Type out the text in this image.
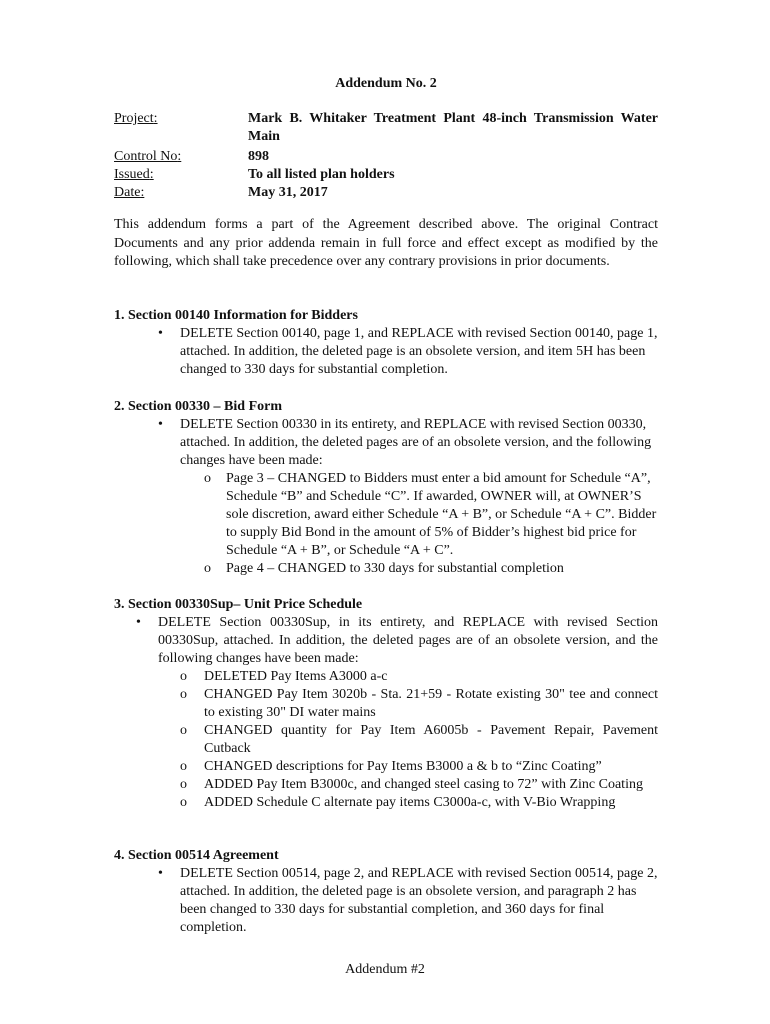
Addendum No. 2
Project:	Mark B. Whitaker Treatment Plant 48-inch Transmission Water Main
Control No:	898
Issued:	To all listed plan holders
Date:	May 31, 2017
This addendum forms a part of the Agreement described above. The original Contract Documents and any prior addenda remain in full force and effect except as modified by the following, which shall take precedence over any contrary provisions in prior documents.
1. Section 00140 Information for Bidders
• DELETE Section 00140, page 1, and REPLACE with revised Section 00140, page 1, attached. In addition, the deleted page is an obsolete version, and item 5H has been changed to 330 days for substantial completion.
2. Section 00330 – Bid Form
• DELETE Section 00330 in its entirety, and REPLACE with revised Section 00330, attached. In addition, the deleted pages are of an obsolete version, and the following changes have been made:
o Page 3 – CHANGED to Bidders must enter a bid amount for Schedule “A”, Schedule “B” and Schedule “C”. If awarded, OWNER will, at OWNER’S sole discretion, award either Schedule “A + B”, or Schedule “A + C”. Bidder to supply Bid Bond in the amount of 5% of Bidder’s highest bid price for Schedule “A + B”, or Schedule “A + C”.
o Page 4 – CHANGED to 330 days for substantial completion
3. Section 00330Sup– Unit Price Schedule
• DELETE Section 00330Sup, in its entirety, and REPLACE with revised Section 00330Sup, attached. In addition, the deleted pages are of an obsolete version, and the following changes have been made:
o DELETED Pay Items A3000 a-c
o CHANGED Pay Item 3020b - Sta. 21+59 - Rotate existing 30" tee and connect to existing 30" DI water mains
o CHANGED quantity for Pay Item A6005b - Pavement Repair, Pavement Cutback
o CHANGED descriptions for Pay Items B3000 a & b to “Zinc Coating”
o ADDED Pay Item B3000c, and changed steel casing to 72” with Zinc Coating
o ADDED Schedule C alternate pay items C3000a-c, with V-Bio Wrapping
4. Section 00514 Agreement
• DELETE Section 00514, page 2, and REPLACE with revised Section 00514, page 2, attached. In addition, the deleted page is an obsolete version, and paragraph 2 has been changed to 330 days for substantial completion, and 360 days for final completion.
Addendum #2
